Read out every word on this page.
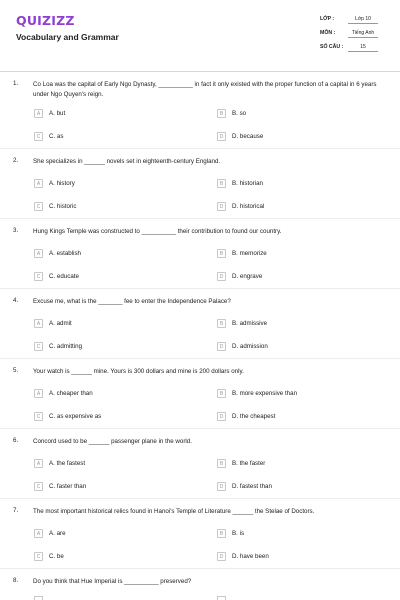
QUIZIZZ
Vocabulary and Grammar
LỚP :	Lớp 10
MÔN :	Tiếng Anh
SỐ CÂU :	15
1. Co Loa was the capital of Early Ngo Dynasty, __________ in fact it only existed with the proper function of a capital in 6 years under Ngo Quyen's reign.
A	A. but	B	B. so
C	C. as	D	D. because
2. She specializes in ______ novels set in eighteenth-century England.
A	A. history	B	B. historian
C	C. historic	D	D. historical
3. Hung Kings Temple was constructed to __________ their contribution to found our country.
A	A. establish	B	B. memorize
C	C. educate	D	D. engrave
4. Excuse me, what is the _______ fee to enter the Independence Palace?
A	A. admit	B	B. admissive
C	C. admitting	D	D. admission
5. Your watch is ______ mine. Yours is 300 dollars and mine is 200 dollars only.
A	A. cheaper than	B	B. more expensive than
C	C. as expensive as	D	D. the cheapest
6. Concord used to be ______ passenger plane in the world.
A	A. the fastest	B	B. the faster
C	C. faster than	D	D. fastest than
7. The most important historical relics found in Hanoi's Temple of Literature ______ the Stelae of Doctors.
A	A. are	B	B. is
C	C. be	D	D. have been
8. Do you think that Hue Imperial is __________ preserved?
